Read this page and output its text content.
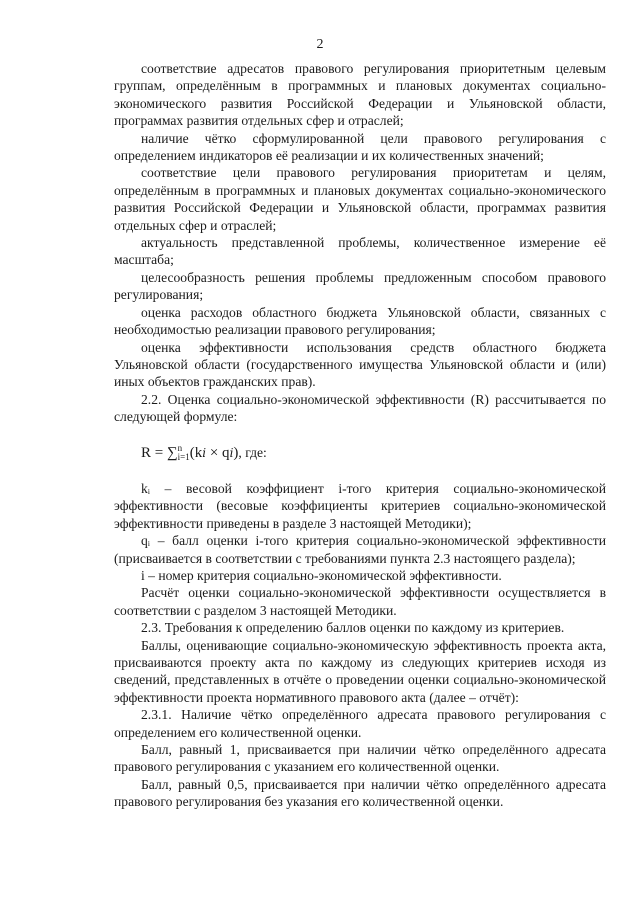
2

соответствие адресатов правового регулирования приоритетным целевым группам, определённым в программных и плановых документах социально-экономического развития Российской Федерации и Ульяновской области, программах развития отдельных сфер и отраслей;

наличие чётко сформулированной цели правового регулирования с определением индикаторов её реализации и их количественных значений;

соответствие цели правового регулирования приоритетам и целям, определённым в программных и плановых документах социально-экономического развития Российской Федерации и Ульяновской области, программах развития отдельных сфер и отраслей;

актуальность представленной проблемы, количественное измерение её масштаба;

целесообразность решения проблемы предложенным способом правового регулирования;

оценка расходов областного бюджета Ульяновской области, связанных с необходимостью реализации правового регулирования;

оценка эффективности использования средств областного бюджета Ульяновской области (государственного имущества Ульяновской области и (или) иных объектов гражданских прав).

2.2. Оценка социально-экономической эффективности (R) рассчитывается по следующей формуле:

R = ∑ n
i=1 (ki × qi), где:

kᵢ – весовой коэффициент i-того критерия социально-экономической эффективности (весовые коэффициенты критериев социально-экономической эффективности приведены в разделе 3 настоящей Методики);

qᵢ – балл оценки i-того критерия социально-экономической эффективности (присваивается в соответствии с требованиями пункта 2.3 настоящего раздела);

i – номер критерия социально-экономической эффективности.

Расчёт оценки социально-экономической эффективности осуществляется в соответствии с разделом 3 настоящей Методики.

2.3. Требования к определению баллов оценки по каждому из критериев.

Баллы, оценивающие социально-экономическую эффективность проекта акта, присваиваются проекту акта по каждому из следующих критериев исходя из сведений, представленных в отчёте о проведении оценки социально-экономической эффективности проекта нормативного правового акта (далее – отчёт):

2.3.1. Наличие чётко определённого адресата правового регулирования с определением его количественной оценки.

Балл, равный 1, присваивается при наличии чётко определённого адресата правового регулирования с указанием его количественной оценки.

Балл, равный 0,5, присваивается при наличии чётко определённого адресата правового регулирования без указания его количественной оценки.
